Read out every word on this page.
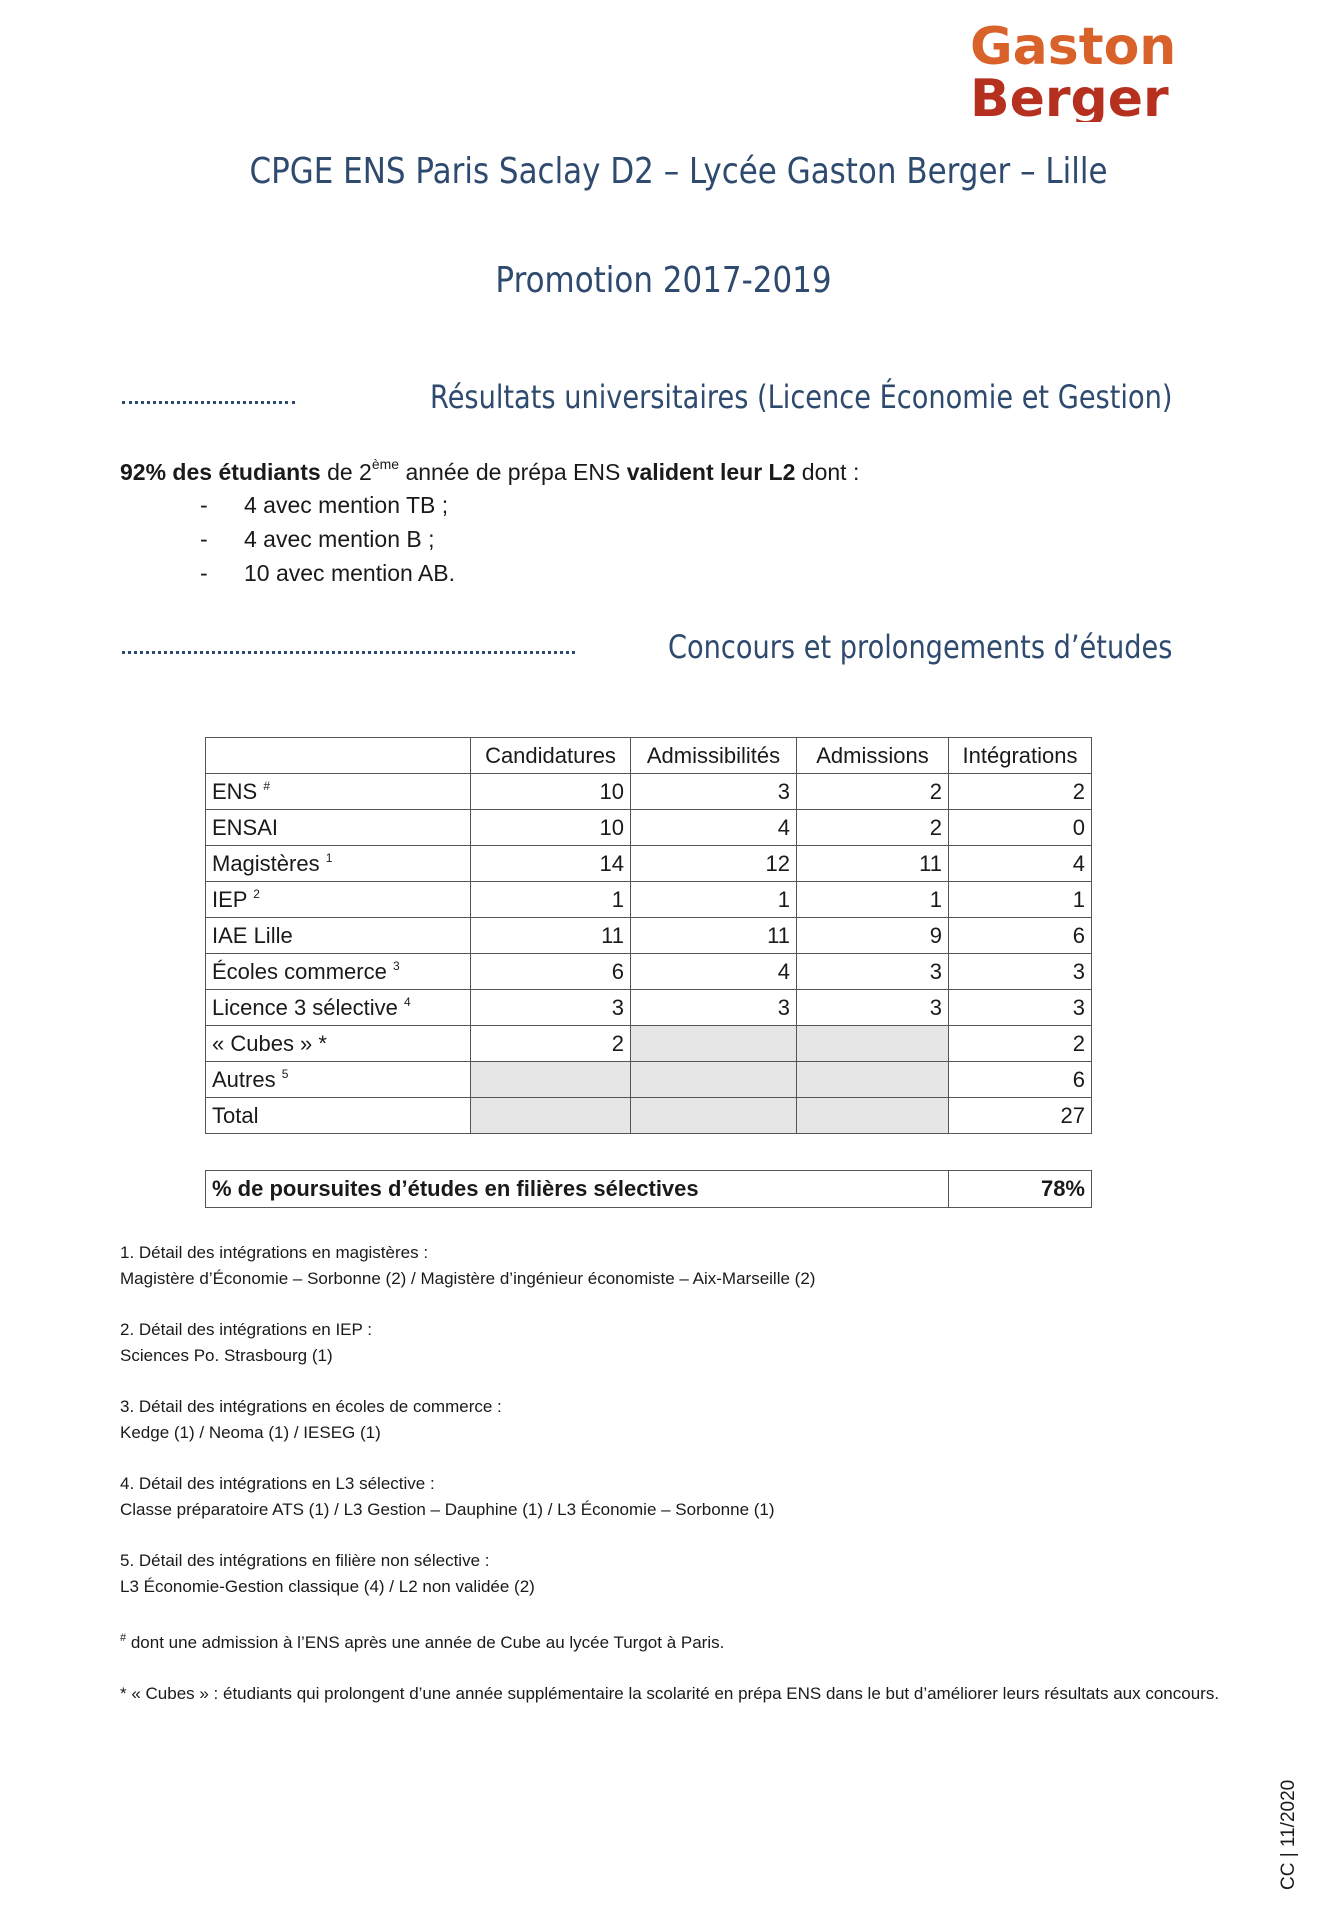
Gaston
Berger
CPGE ENS Paris Saclay D2 – Lycée Gaston Berger – Lille
Promotion 2017-2019
Résultats universitaires (Licence Économie et Gestion)
92% des étudiants de 2ème année de prépa ENS valident leur L2 dont :
- 4 avec mention TB ;
- 4 avec mention B ;
- 10 avec mention AB.
Concours et prolongements d’études
	Candidatures	Admissibilités	Admissions	Intégrations
ENS #	10	3	2	2
ENSAI	10	4	2	0
Magistères $^1$	14	12	11	4
IEP $^2$	1	1	1	1
IAE Lille	11	11	9	6
Écoles commerce $^3$	6	4	3	3
Licence 3 sélective $^4$	3	3	3	3
« Cubes » *	2			2
Autres $^5$				6
Total				27
% de poursuites d’études en filières sélectives	78%

1. Détail des intégrations en magistères :
Magistère d’Économie – Sorbonne (2) / Magistère d’ingénieur économiste – Aix-Marseille (2)

2. Détail des intégrations en IEP :
Sciences Po. Strasbourg (1)

3. Détail des intégrations en écoles de commerce :
Kedge (1) / Neoma (1) / IESEG (1)

4. Détail des intégrations en L3 sélective :
Classe préparatoire ATS (1) / L3 Gestion – Dauphine (1) / L3 Économie – Sorbonne (1)

5. Détail des intégrations en filière non sélective :
L3 Économie-Gestion classique (4) / L2 non validée (2)

# dont une admission à l’ENS après une année de Cube au lycée Turgot à Paris.

* « Cubes » : étudiants qui prolongent d’une année supplémentaire la scolarité en prépa ENS dans le but d’améliorer leurs résultats aux concours.

CC | 11/2020
